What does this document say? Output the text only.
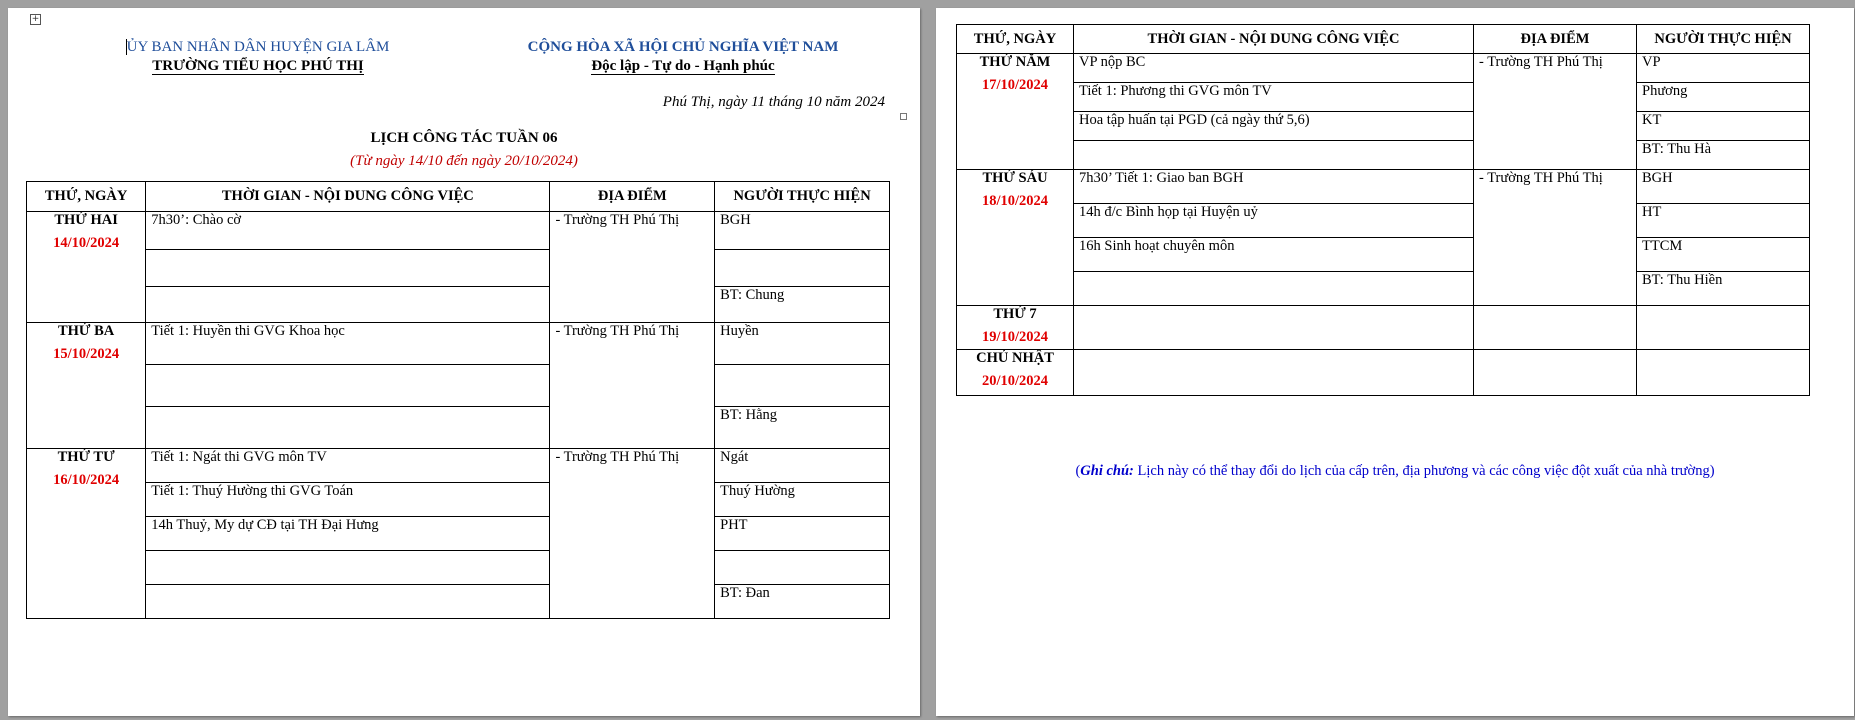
+
ỦY BAN NHÂN DÂN HUYỆN GIA LÂM
TRƯỜNG TIỂU HỌC PHÚ THỊ
CỘNG HÒA XÃ HỘI CHỦ NGHĨA VIỆT NAM
Độc lập - Tự do - Hạnh phúc
Phú Thị, ngày 11 tháng 10 năm 2024
LỊCH CÔNG TÁC TUẦN 06
(Từ ngày 14/10 đến ngày 20/10/2024)
THỨ, NGÀY	THỜI GIAN - NỘI DUNG CÔNG VIỆC	ĐỊA ĐIỂM	NGƯỜI THỰC HIỆN

THỨ HAI
14/10/2024	7h30’: Chào cờ	- Trường TH Phú Thị	BGH

			BT: Chung

THỨ BA
15/10/2024	Tiết 1: Huyền thi GVG Khoa học	- Trường TH Phú Thị	Huyền

			BT: Hằng

THỨ TƯ
16/10/2024	Tiết 1: Ngát thi GVG môn TV	- Trường TH Phú Thị	Ngát
	Tiết 1: Thuý Hường thi GVG Toán		Thuý Hường
	14h Thuỷ, My dự CĐ tại TH Đại Hưng		PHT

			BT: Đan
THỨ, NGÀY	THỜI GIAN - NỘI DUNG CÔNG VIỆC	ĐỊA ĐIỂM	NGƯỜI THỰC HIỆN

THỨ NĂM
17/10/2024	VP nộp BC	- Trường TH Phú Thị	VP
	Tiết 1: Phương thi GVG môn TV		Phương
	Hoa tập huấn tại PGD (cả ngày thứ 5,6)		KT
			BT: Thu Hà

THỨ SÁU
18/10/2024	7h30’ Tiết 1: Giao ban BGH	- Trường TH Phú Thị	BGH
	14h đ/c Bình họp tại Huyện uỷ		HT
	16h Sinh hoạt chuyên môn		TTCM
			BT: Thu Hiền

THỨ 7
19/10/2024			

CHỦ NHẬT
20/10/2024			

(Ghi chú: Lịch này có thể thay đổi do lịch của cấp trên, địa phương và các công việc đột xuất của nhà trường)
